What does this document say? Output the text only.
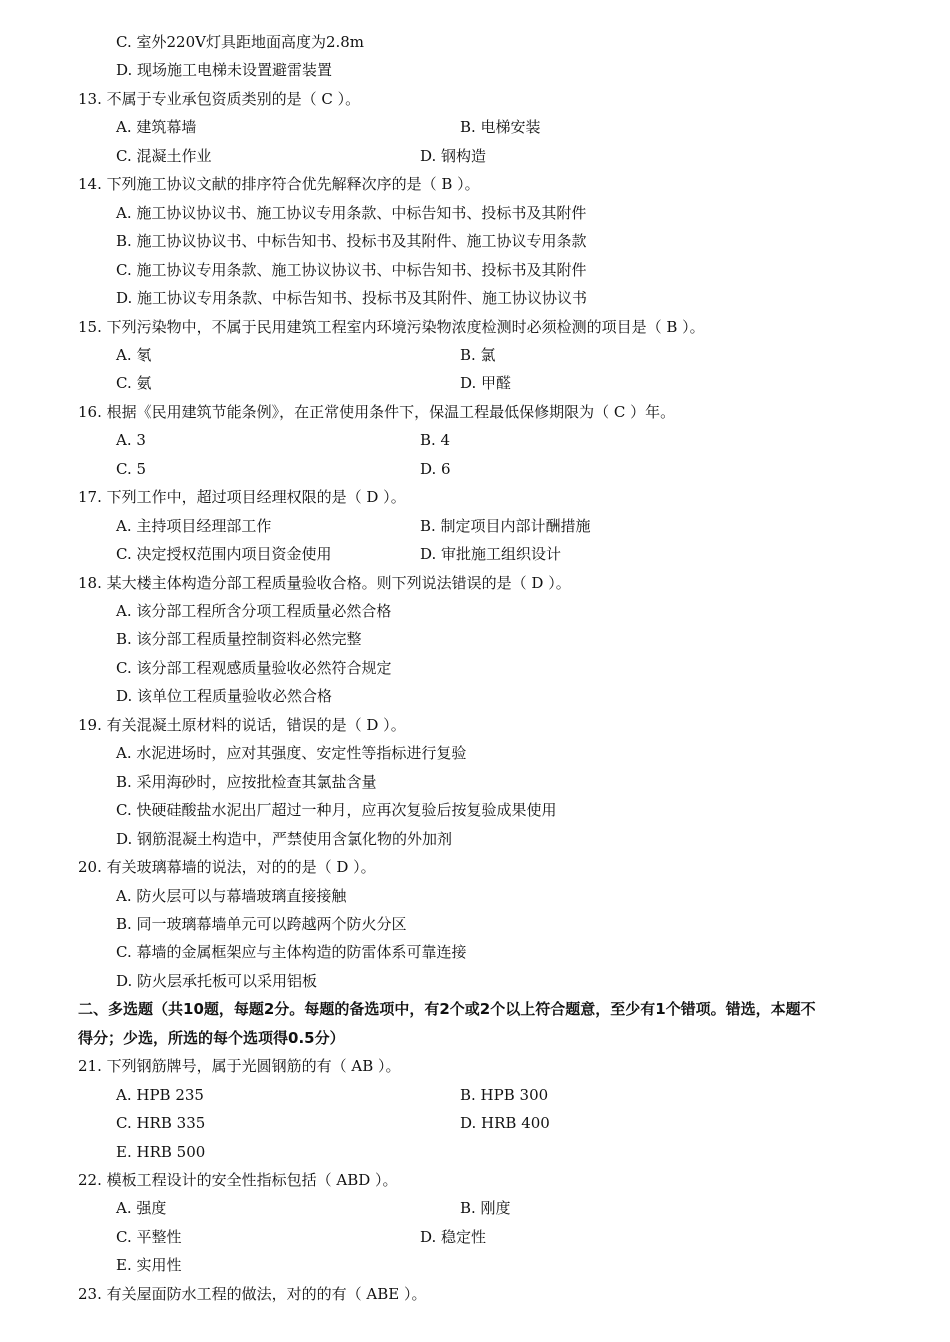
C. 室外220V灯具距地面高度为2.8m
D. 现场施工电梯未设置避雷装置
13. 不属于专业承包资质类别的是（ C ）。
A. 建筑幕墙	B. 电梯安装
C. 混凝土作业	D. 钢构造
14. 下列施工协议文献的排序符合优先解释次序的是（ B ）。
A. 施工协议协议书、施工协议专用条款、中标告知书、投标书及其附件
B. 施工协议协议书、中标告知书、投标书及其附件、施工协议专用条款
C. 施工协议专用条款、施工协议协议书、中标告知书、投标书及其附件
D. 施工协议专用条款、中标告知书、投标书及其附件、施工协议协议书
15. 下列污染物中，不属于民用建筑工程室内环境污染物浓度检测时必须检测的项目是（ B ）。
A. 氡	B. 氯
C. 氨	D. 甲醛
16. 根据《民用建筑节能条例》，在正常使用条件下，保温工程最低保修期限为（ C ）年。
A. 3	B. 4
C. 5	D. 6
17. 下列工作中，超过项目经理权限的是（ D ）。
A. 主持项目经理部工作	B. 制定项目内部计酬措施
C. 决定授权范围内项目资金使用	D. 审批施工组织设计
18. 某大楼主体构造分部工程质量验收合格。则下列说法错误的是（ D ）。
A. 该分部工程所含分项工程质量必然合格
B. 该分部工程质量控制资料必然完整
C. 该分部工程观感质量验收必然符合规定
D. 该单位工程质量验收必然合格
19. 有关混凝土原材料的说话，错误的是（ D ）。
A. 水泥进场时，应对其强度、安定性等指标进行复验
B. 采用海砂时，应按批检查其氯盐含量
C. 快硬硅酸盐水泥出厂超过一种月，应再次复验后按复验成果使用
D. 钢筋混凝土构造中，严禁使用含氯化物的外加剂
20. 有关玻璃幕墙的说法，对的的是（ D ）。
A. 防火层可以与幕墙玻璃直接接触
B. 同一玻璃幕墙单元可以跨越两个防火分区
C. 幕墙的金属框架应与主体构造的防雷体系可靠连接
D. 防火层承托板可以采用铝板
二、多选题（共10题，每题2分。每题的备选项中，有2个或2个以上符合题意，至少有1个错项。错选，本题不
得分；少选，所选的每个选项得0.5分）
21. 下列钢筋牌号，属于光圆钢筋的有（ AB ）。
A. HPB 235	B. HPB 300
C. HRB 335	D. HRB 400
E. HRB 500
22. 模板工程设计的安全性指标包括（ ABD ）。
A. 强度	B. 刚度
C. 平整性	D. 稳定性
E. 实用性
23. 有关屋面防水工程的做法，对的的有（ ABE ）。
